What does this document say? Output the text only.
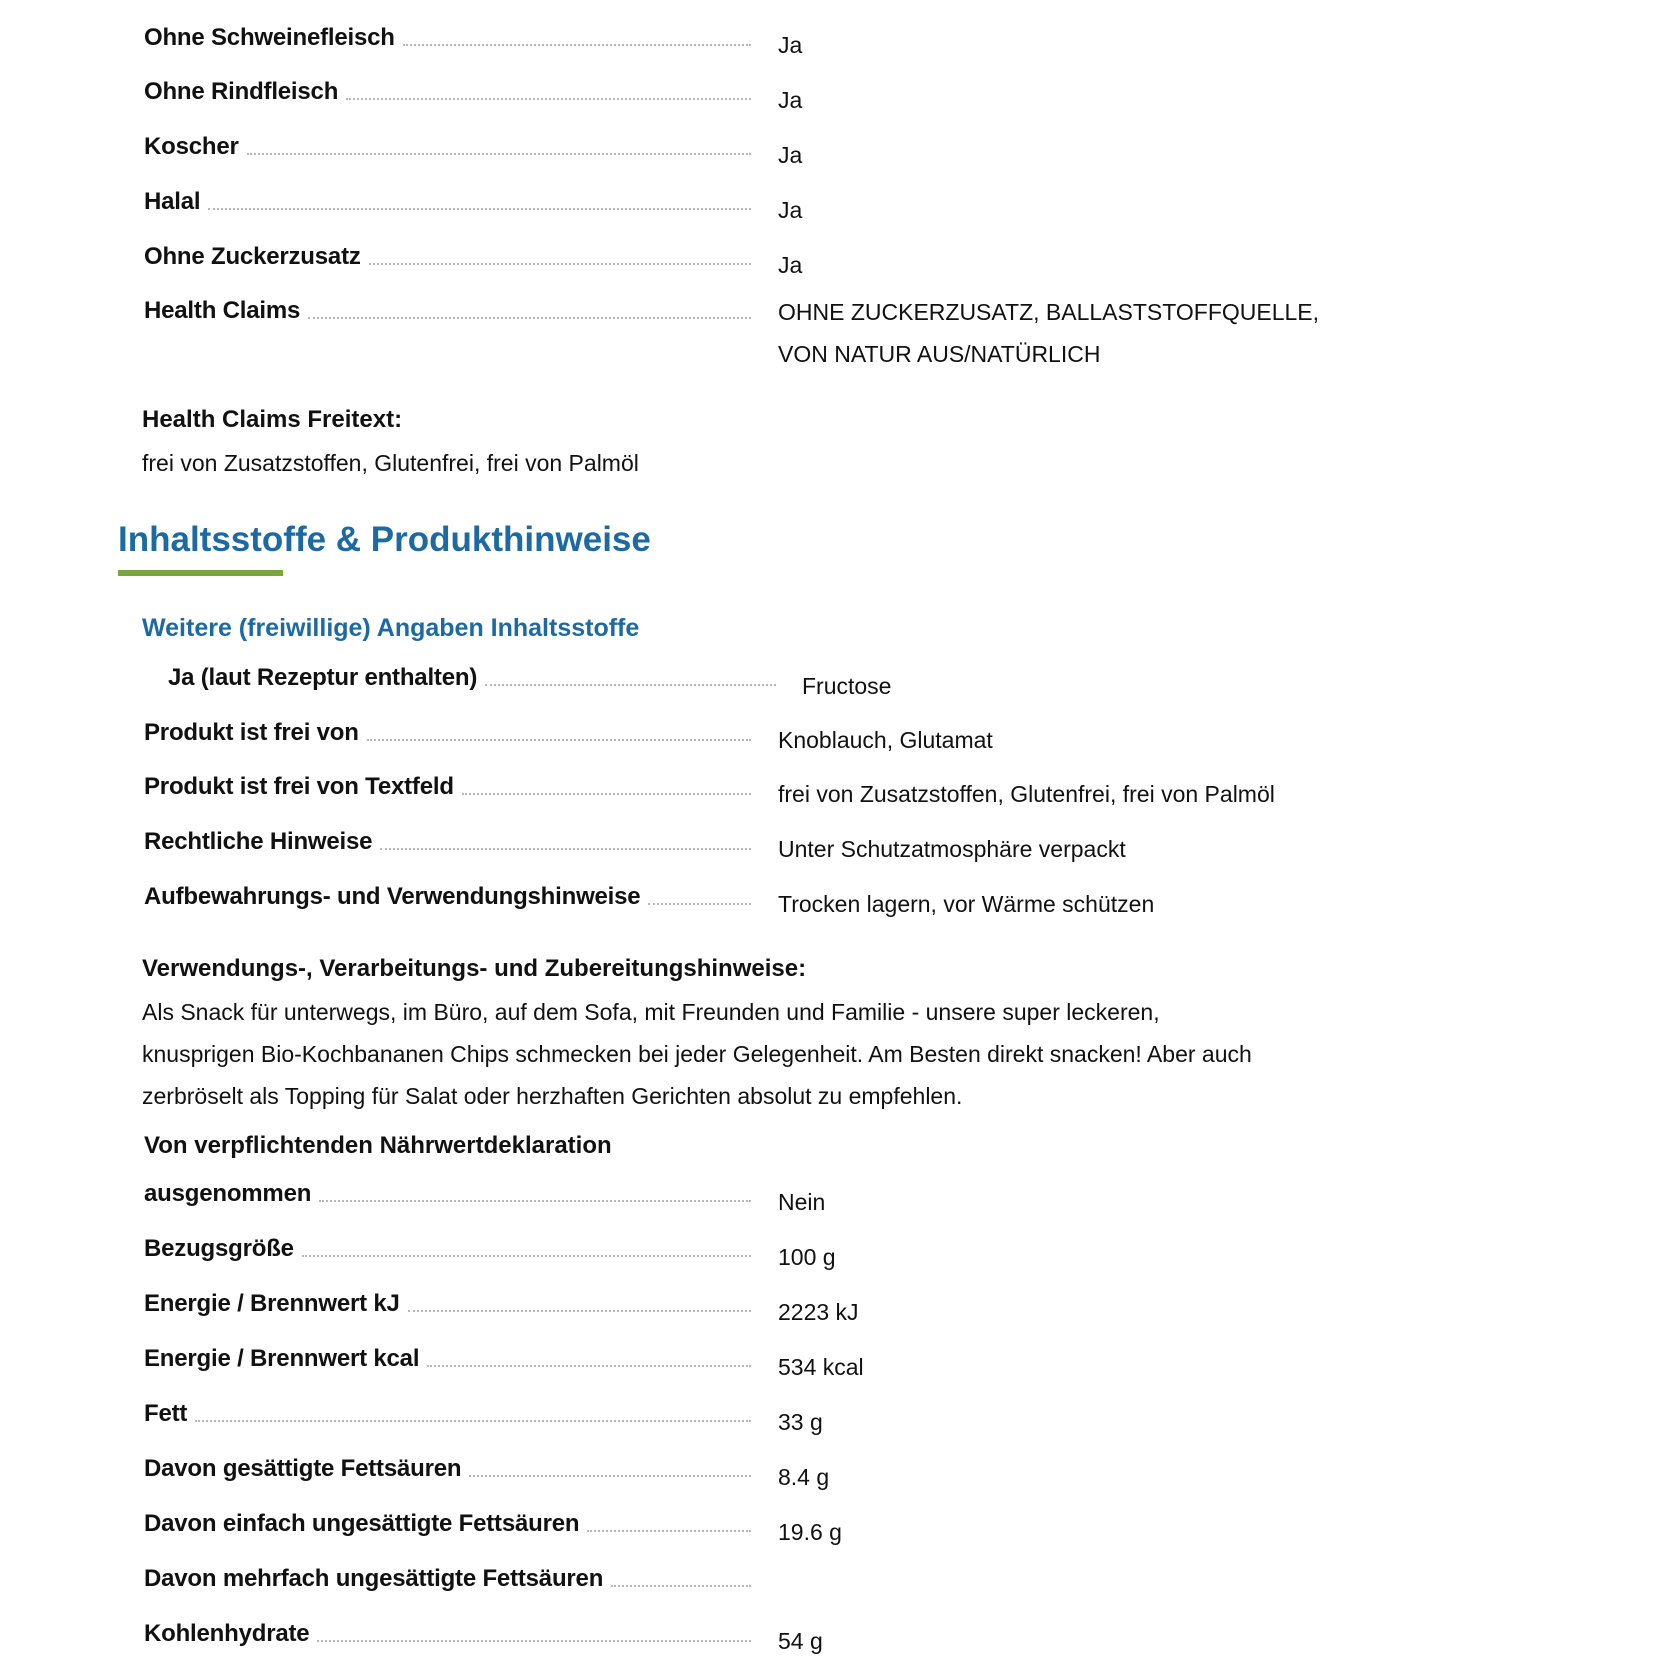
Ohne Schweinefleisch	Ja
Ohne Rindfleisch	Ja
Koscher	Ja
Halal	Ja
Ohne Zuckerzusatz	Ja
Health Claims	OHNE ZUCKERZUSATZ, BALLASTSTOFFQUELLE,
VON NATUR AUS/NATÜRLICH
Health Claims Freitext:
frei von Zusatzstoffen, Glutenfrei, frei von Palmöl
Inhaltsstoffe & Produkthinweise
Weitere (freiwillige) Angaben Inhaltsstoffe
Ja (laut Rezeptur enthalten)	Fructose
Produkt ist frei von	Knoblauch, Glutamat
Produkt ist frei von Textfeld	frei von Zusatzstoffen, Glutenfrei, frei von Palmöl
Rechtliche Hinweise	Unter Schutzatmosphäre verpackt
Aufbewahrungs- und Verwendungshinweise	Trocken lagern, vor Wärme schützen
Verwendungs-, Verarbeitungs- und Zubereitungshinweise:
Als Snack für unterwegs, im Büro, auf dem Sofa, mit Freunden und Familie - unsere super leckeren,
knusprigen Bio-Kochbananen Chips schmecken bei jeder Gelegenheit. Am Besten direkt snacken! Aber auch
zerbröselt als Topping für Salat oder herzhaften Gerichten absolut zu empfehlen.
Von verpflichtenden Nährwertdeklaration
ausgenommen	Nein
Bezugsgröße	100 g
Energie / Brennwert kJ	2223 kJ
Energie / Brennwert kcal	534 kcal
Fett	33 g
Davon gesättigte Fettsäuren	8.4 g
Davon einfach ungesättigte Fettsäuren	19.6 g
Davon mehrfach ungesättigte Fettsäuren
Kohlenhydrate	54 g
